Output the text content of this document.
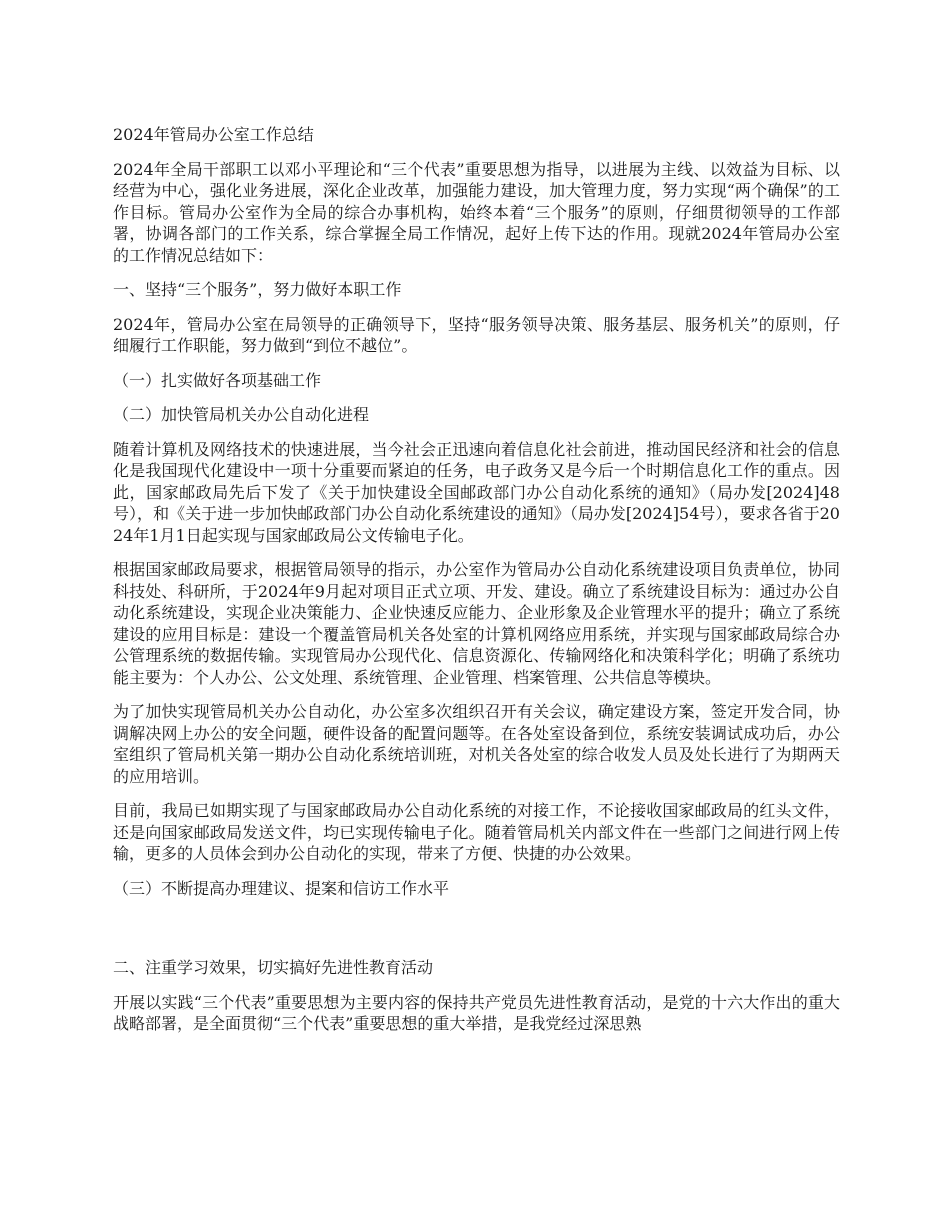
2024年管局办公室工作总结

2024年全局干部职工以邓小平理论和“三个代表”重要思想为指导，以进展为主线、以效益为目标、以经营为中心，强化业务进展，深化企业改革，加强能力建设，加大管理力度，努力实现“两个确保”的工作目标。管局办公室作为全局的综合办事机构，始终本着“三个服务”的原则，仔细贯彻领导的工作部署，协调各部门的工作关系，综合掌握全局工作情况，起好上传下达的作用。现就2024年管局办公室的工作情况总结如下：

一、坚持“三个服务”，努力做好本职工作

2024年，管局办公室在局领导的正确领导下，坚持“服务领导决策、服务基层、服务机关”的原则，仔细履行工作职能，努力做到“到位不越位”。

（一）扎实做好各项基础工作

（二）加快管局机关办公自动化进程

随着计算机及网络技术的快速进展，当今社会正迅速向着信息化社会前进，推动国民经济和社会的信息化是我国现代化建设中一项十分重要而紧迫的任务，电子政务又是今后一个时期信息化工作的重点。因此，国家邮政局先后下发了《关于加快建设全国邮政部门办公自动化系统的通知》（局办发[2024]48号），和《关于进一步加快邮政部门办公自动化系统建设的通知》（局办发[2024]54号），要求各省于2024年1月1日起实现与国家邮政局公文传输电子化。

根据国家邮政局要求，根据管局领导的指示，办公室作为管局办公自动化系统建设项目负责单位，协同科技处、科研所，于2024年9月起对项目正式立项、开发、建设。确立了系统建设目标为：通过办公自动化系统建设，实现企业决策能力、企业快速反应能力、企业形象及企业管理水平的提升；确立了系统建设的应用目标是：建设一个覆盖管局机关各处室的计算机网络应用系统，并实现与国家邮政局综合办公管理系统的数据传输。实现管局办公现代化、信息资源化、传输网络化和决策科学化；明确了系统功能主要为：个人办公、公文处理、系统管理、企业管理、档案管理、公共信息等模块。

为了加快实现管局机关办公自动化，办公室多次组织召开有关会议，确定建设方案，签定开发合同，协调解决网上办公的安全问题，硬件设备的配置问题等。在各处室设备到位，系统安装调试成功后，办公室组织了管局机关第一期办公自动化系统培训班，对机关各处室的综合收发人员及处长进行了为期两天的应用培训。

目前，我局已如期实现了与国家邮政局办公自动化系统的对接工作，不论接收国家邮政局的红头文件，还是向国家邮政局发送文件，均已实现传输电子化。随着管局机关内部文件在一些部门之间进行网上传输，更多的人员体会到办公自动化的实现，带来了方便、快捷的办公效果。

（三）不断提高办理建议、提案和信访工作水平

二、注重学习效果，切实搞好先进性教育活动

开展以实践“三个代表”重要思想为主要内容的保持共产党员先进性教育活动，是党的十六大作出的重大战略部署，是全面贯彻“三个代表”重要思想的重大举措，是我党经过深思熟
